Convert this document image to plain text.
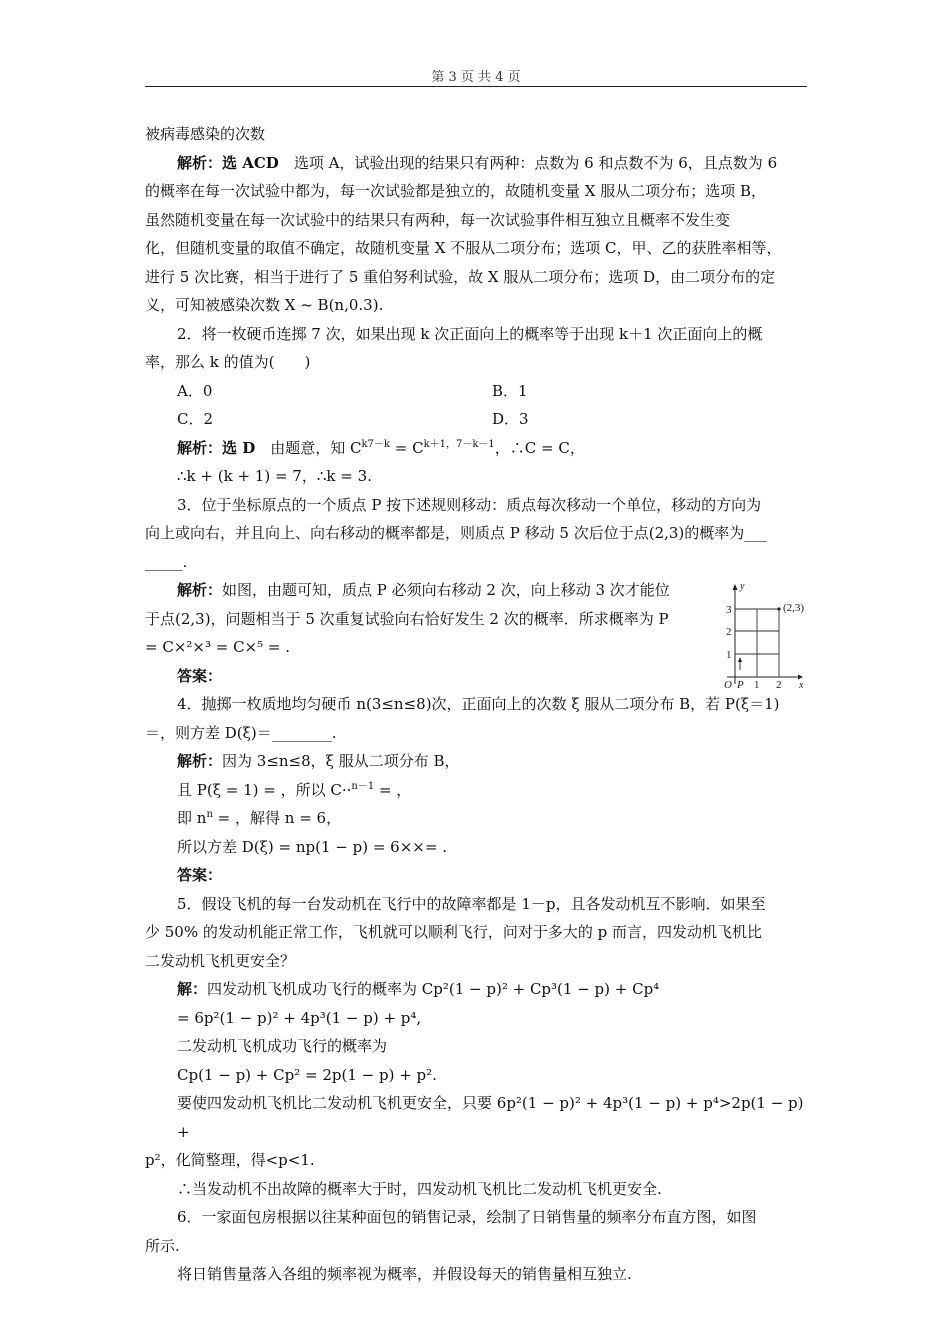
第 3 页 共 4 页

被病毒感染的次数

解析：选 ACD　选项 A，试验出现的结果只有两种：点数为 6 和点数不为 6，且点数为 6

的概率在每一次试验中都为，每一次试验都是独立的，故随机变量 X 服从二项分布；选项 B，

虽然随机变量在每一次试验中的结果只有两种，每一次试验事件相互独立且概率不发生变

化，但随机变量的取值不确定，故随机变量 X 不服从二项分布；选项 C，甲、乙的获胜率相等，

进行 5 次比赛，相当于进行了 5 重伯努利试验，故 X 服从二项分布；选项 D，由二项分布的定

义，可知被感染次数 X ~ B(n,0.3).

2．将一枚硬币连掷 7 次，如果出现 k 次正面向上的概率等于出现 k＋1 次正面向上的概

率，那么 k 的值为(　　)

A．0	B．1
C．2	D．3

解析：选 D　由题意，知 $C^{k7-k} = C^{k+1,7-k-1}$，∴C = C，

∴k + (k + 1) = 7，∴k = 3.

3．位于坐标原点的一个质点 P 按下述规则移动：质点每次移动一个单位，移动的方向为

向上或向右，并且向上、向右移动的概率都是，则质点 P 移动 5 次后位于点(2,3)的概率为___

_____.

解析：如图，由题可知，质点 P 必须向右移动 2 次，向上移动 3 次才能位

于点(2,3)，问题相当于 5 次重复试验向右恰好发生 2 次的概率．所求概率为 P

= C×²×³ = C×⁵ = .

答案：

(2,3)
y
x
O P 1 2
1
2
3

4．抛掷一枚质地均匀硬币 n(3≤n≤8)次，正面向上的次数 ξ 服从二项分布 B，若 P(ξ＝1)

＝，则方差 D(ξ)＝________.

解析：因为 3≤n≤8，ξ 服从二项分布 B，

且 P(ξ = 1) = ，所以 C··$^{n-1}$ = ，

即 $n^n$ = ，解得 n = 6，

所以方差 D(ξ) = np(1 − p) = 6××= .

答案：

5．假设飞机的每一台发动机在飞行中的故障率都是 1－p，且各发动机互不影响．如果至

少 50% 的发动机能正常工作，飞机就可以顺利飞行，问对于多大的 p 而言，四发动机飞机比

二发动机飞机更安全？

解：四发动机飞机成功飞行的概率为 Cp²(1 − p)² + Cp³(1 − p) + Cp⁴

= 6p²(1 − p)² + 4p³(1 − p) + p⁴,

二发动机飞机成功飞行的概率为

Cp(1 − p) + Cp² = 2p(1 − p) + p².

要使四发动机飞机比二发动机飞机更安全，只要 6p²(1 − p)² + 4p³(1 − p) + p⁴>2p(1 − p) +

p²，化简整理，得<p<1.

∴当发动机不出故障的概率大于时，四发动机飞机比二发动机飞机更安全.

6．一家面包房根据以往某种面包的销售记录，绘制了日销售量的频率分布直方图，如图

所示.

将日销售量落入各组的频率视为概率，并假设每天的销售量相互独立.
